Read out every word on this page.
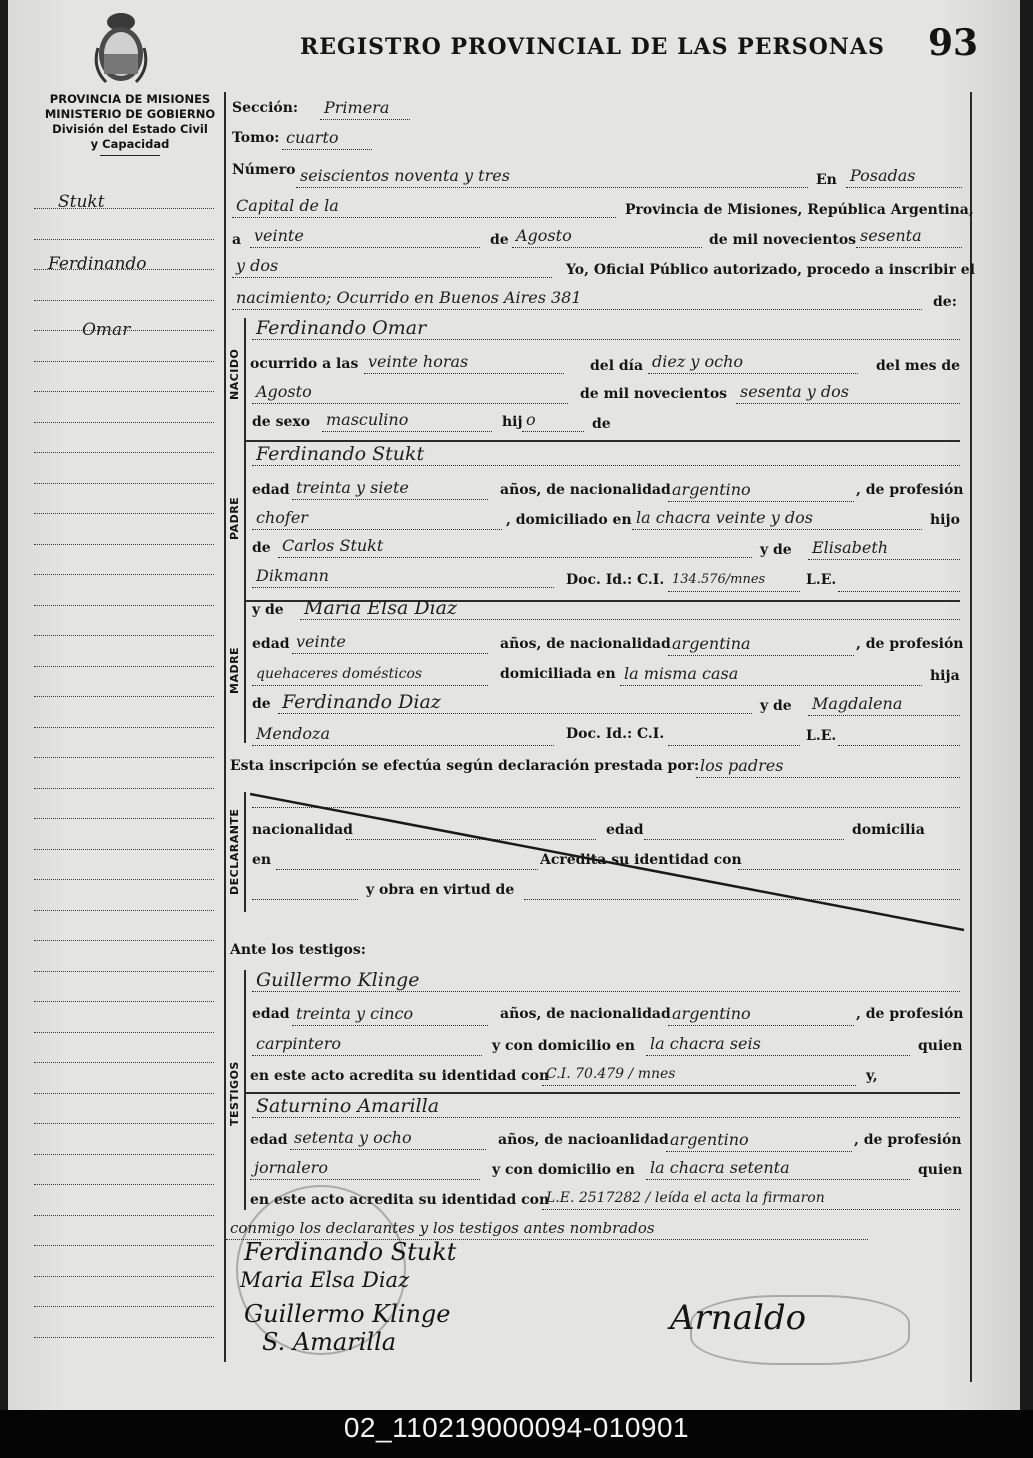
REGISTRO PROVINCIAL DE LAS PERSONAS 93
PROVINCIA DE MISIONES
MINISTERIO DE GOBIERNO
División del Estado Civil
y Capacidad
Stukt
Ferdinando
Omar
Sección: Primera
Tomo: cuarto
Número seiscientos noventa y tres	En Posadas
Capital de la	Provincia de Misiones, República Argentina,
a veinte	de Agosto	de mil novecientos sesenta
y dos	Yo, Oficial Público autorizado, procedo a inscribir el
nacimiento; Ocurrido en Buenos Aires 381	de:
NACIDO
Ferdinando Omar
ocurrido a las veinte horas	del día diez y ocho	del mes de
Agosto	de mil novecientos sesenta y dos
de sexo masculino	hij o	de
PADRE
Ferdinando Stukt
edad treinta y siete	años, de nacionalidad argentino	, de profesión
chofer	, domiciliado en la chacra veinte y dos	hijo
de Carlos Stukt	y de Elisabeth
Dikmann	Doc. Id.: C.I. 134.576/mnes	L.E.
MADRE
y de Maria Elsa Diaz
edad veinte	años, de nacionalidad argentina	, de profesión
quehaceres domésticos	domiciliada en la misma casa	hija
de Ferdinando Diaz	y de Magdalena
Mendoza	Doc. Id.: C.I.	L.E.
Esta inscripción se efectúa según declaración prestada por: los padres
DECLARANTE nacionalidad	edad	domicilia
en	Acredita su identidad con
y obra en virtud de
Ante los testigos:
TESTIGOS
Guillermo Klinge
edad treinta y cinco	años, de nacionalidad argentino	, de profesión
carpintero	y con domicilio en la chacra seis	quien
en este acto acredita su identidad con
C.I. 70.479 / mnes	y,
Saturnino Amarilla
edad setenta y ocho	años, de nacioanlidad argentino	, de profesión
jornalero	y con domicilio en la chacra setenta	quien
en este acto acredita su identidad con
L.E. 2517282 / leída el acta la firmaron
conmigo los declarantes y los testigos antes nombrados
Ferdinando Stukt
Maria Elsa Diaz
Guillermo Klinge
S. Amarilla
Arnaldo
02_110219000094-010901
